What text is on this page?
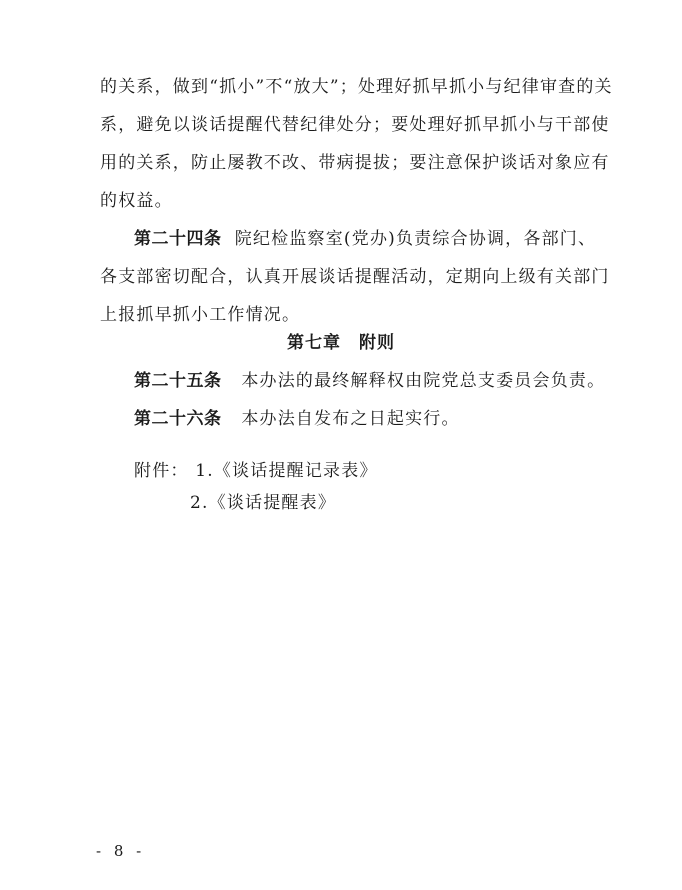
的关系，做到“抓小”不“放大”；处理好抓早抓小与纪律审查的关
系，避免以谈话提醒代替纪律处分；要处理好抓早抓小与干部使
用的关系，防止屡教不改、带病提拔；要注意保护谈话对象应有
的权益。
第二十四条 院纪检监察室(党办)负责综合协调，各部门、
各支部密切配合，认真开展谈话提醒活动，定期向上级有关部门
上报抓早抓小工作情况。
第七章　附则
第二十五条 本办法的最终解释权由院党总支委员会负责。
第二十六条 本办法自发布之日起实行。
附件： 1.《谈话提醒记录表》
2.《谈话提醒表》
- 8 -
